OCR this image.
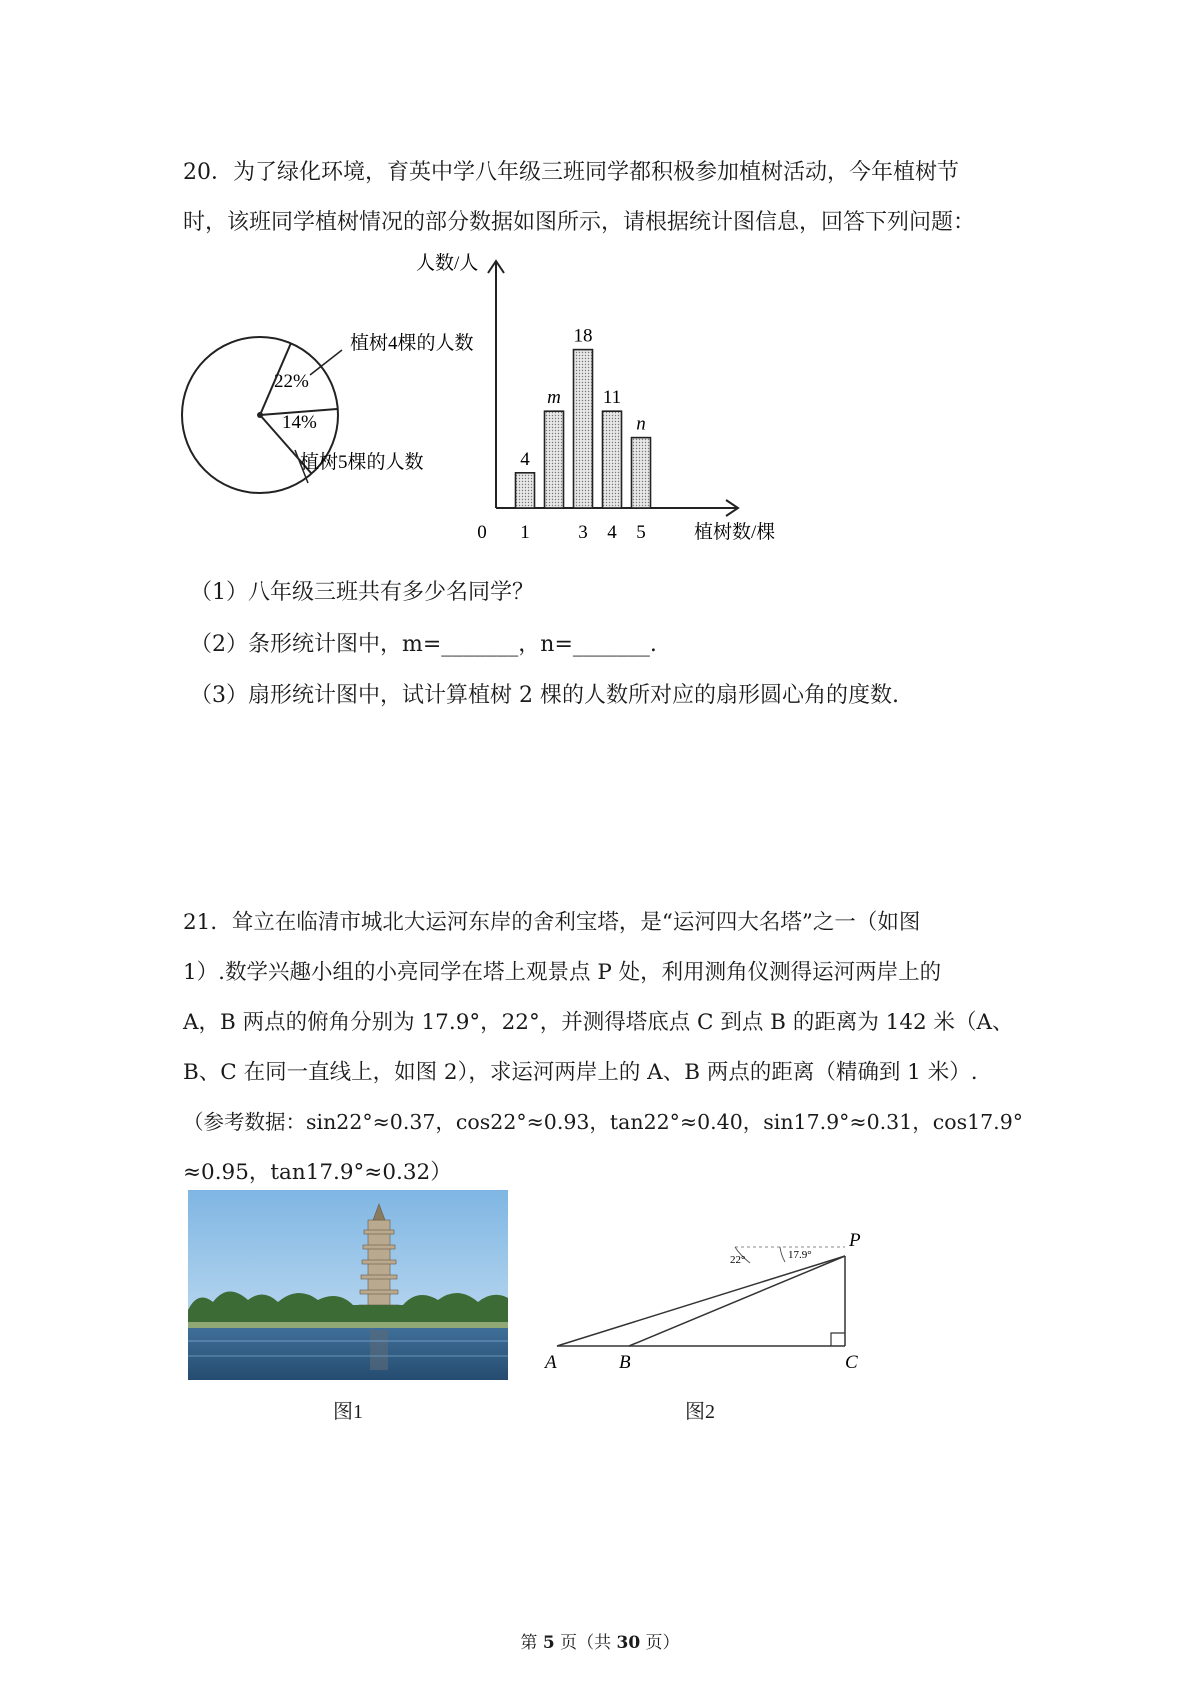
20．为了绿化环境，育英中学八年级三班同学都积极参加植树活动，今年植树节
时，该班同学植树情况的部分数据如图所示，请根据统计图信息，回答下列问题：
22%
14%
植树4棵的人数
植树5棵的人数
人数/人
植树数/棵
4
m
18
11
n
0 1	3 4 5
（1）八年级三班共有多少名同学？
（2）条形统计图中，m=_______，n=_______.
（3）扇形统计图中，试计算植树 2 棵的人数所对应的扇形圆心角的度数.
21．耸立在临清市城北大运河东岸的舍利宝塔，是“运河四大名塔”之一（如图
1）.数学兴趣小组的小亮同学在塔上观景点 P 处，利用测角仪测得运河两岸上的
A，B 两点的俯角分别为 17.9°，22°，并测得塔底点 C 到点 B 的距离为 142 米（A、
B、C 在同一直线上，如图 2），求运河两岸上的 A、B 两点的距离（精确到 1 米）.
（参考数据：sin22°≈0.37，cos22°≈0.93，tan22°≈0.40，sin17.9°≈0.31，cos17.9°
≈0.95，tan17.9°≈0.32）
22°	17.9°
P
A	B	C
图1	图2
第 5 页（共 30 页）
